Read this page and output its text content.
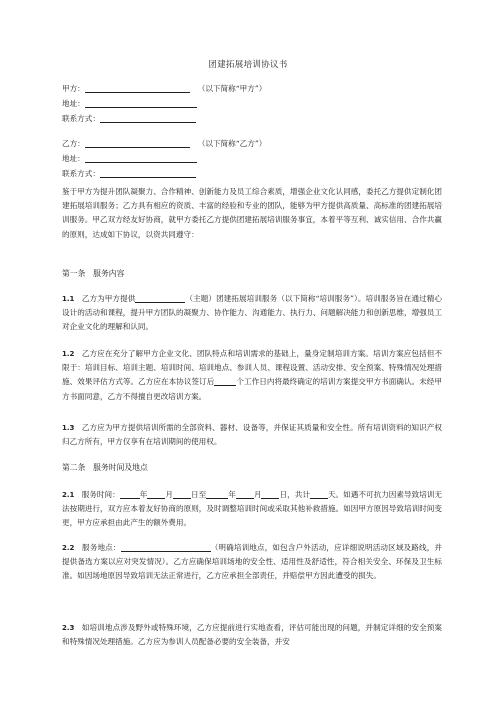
团建拓展培训协议书
甲方：	（以下简称“甲方”）
地址：
联系方式：
乙方：	（以下简称“乙方”）
地址：
联系方式：
鉴于甲方为提升团队凝聚力、合作精神、创新能力及员工综合素质，增强企业文化认同感，委托乙方提供定制化团建拓展培训服务；乙方具有相应的资质、丰富的经验和专业的团队，能够为甲方提供高质量、高标准的团建拓展培训服务。甲乙双方经友好协商，就甲方委托乙方提供团建拓展培训服务事宜，本着平等互利、诚实信用、合作共赢的原则，达成如下协议，以资共同遵守：
第一条　服务内容
1.1 乙方为甲方提供	（主题）团建拓展培训服务（以下简称“培训服务”）。培训服务旨在通过精心设计的活动和课程，提升甲方团队的凝聚力、协作能力、沟通能力、执行力、问题解决能力和创新思维，增强员工对企业文化的理解和认同。
1.2 乙方应在充分了解甲方企业文化、团队特点和培训需求的基础上，量身定制培训方案。培训方案应包括但不限于：培训目标、培训主题、培训时间、培训地点、参训人员、课程设置、活动安排、安全预案、特殊情况处理措施、效果评估方式等。乙方应在本协议签订后	个工作日内将最终确定的培训方案提交甲方书面确认。未经甲方书面同意，乙方不得擅自更改培训方案。
1.3 乙方应为甲方提供培训所需的全部资料、器材、设备等，并保证其质量和安全性。所有培训资料的知识产权归乙方所有，甲方仅享有在培训期间的使用权。
第二条　服务时间及地点
2.1 服务时间：	年 月 日至	年 月 日，共计 天。如遇不可抗力因素导致培训无法按期进行，双方应本着友好协商的原则，及时调整培训时间或采取其他补救措施。如因甲方原因导致培训时间变更，甲方应承担由此产生的额外费用。
2.2 服务地点：	（明确培训地点，如包含户外活动，应详细说明活动区域及路线，并提供备选方案以应对突发情况）。乙方应确保培训场地的安全性、适用性及舒适性，符合相关安全、环保及卫生标准。如因场地原因导致培训无法正常进行，乙方应承担全部责任，并赔偿甲方因此遭受的损失。
2.3 如培训地点涉及野外或特殊环境，乙方应提前进行实地查看，评估可能出现的问题，并制定详细的安全预案和特殊情况处理措施。乙方应为参训人员配备必要的安全装备，并安
